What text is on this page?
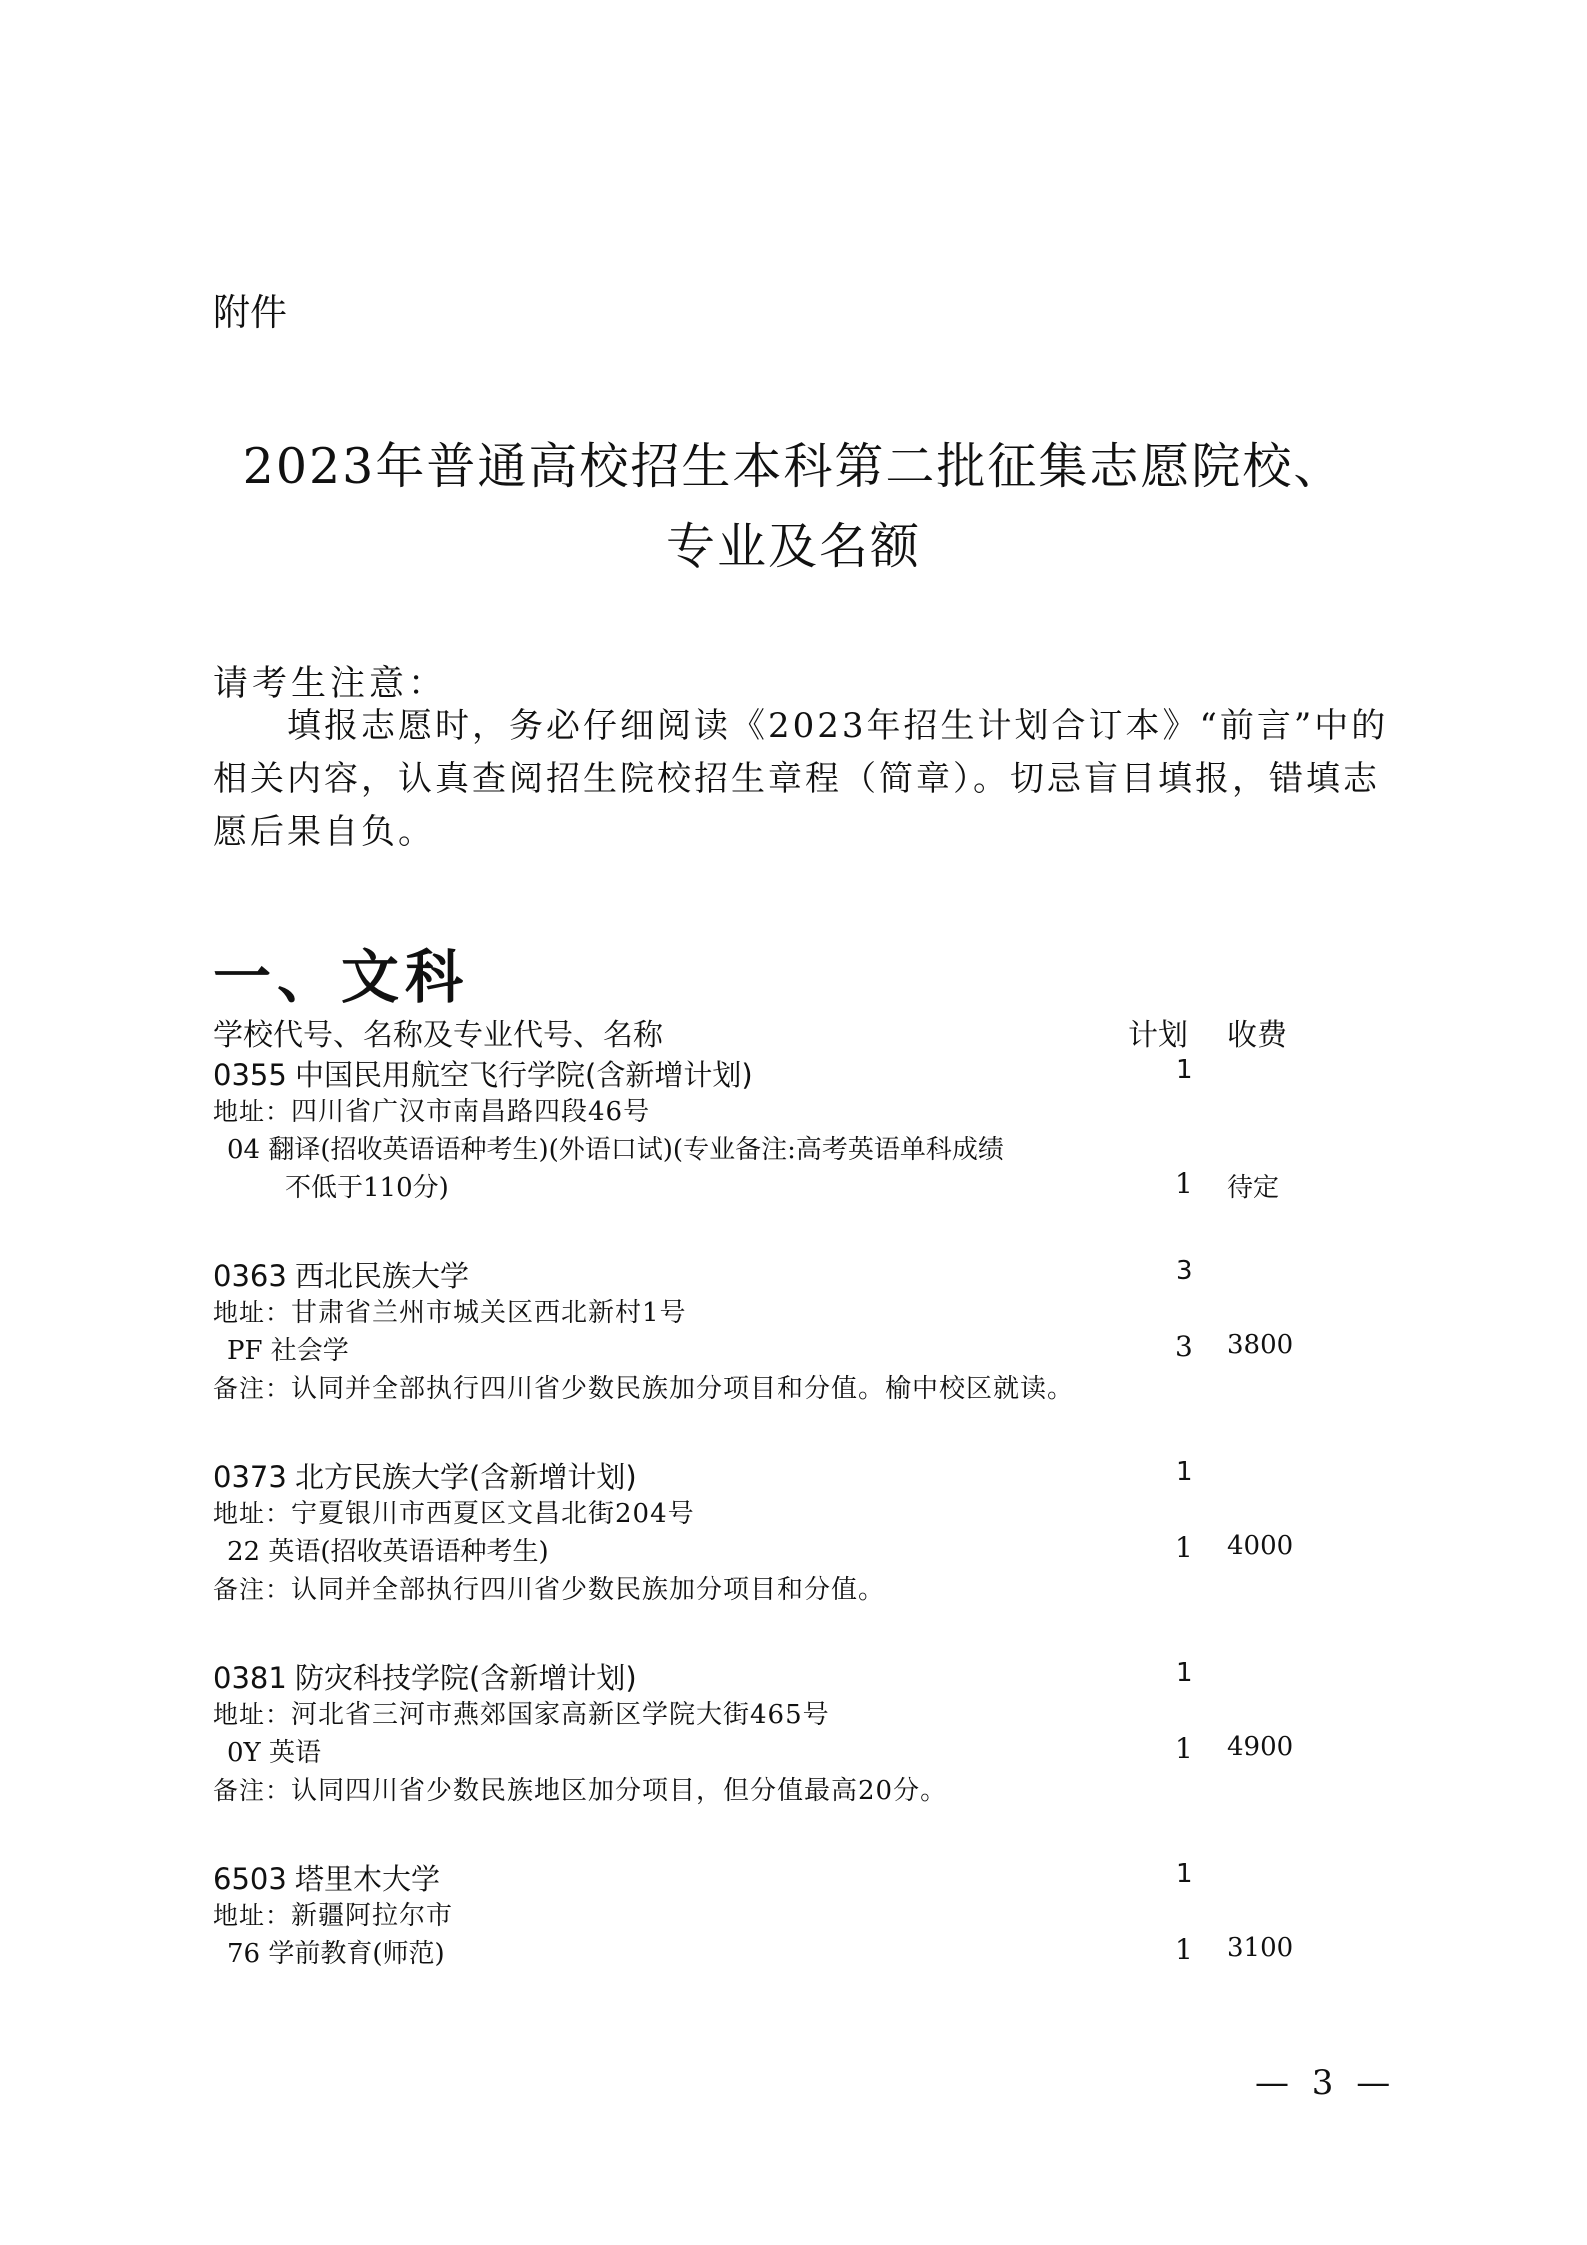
附件
2023年普通高校招生本科第二批征集志愿院校、
专业及名额
请考生注意：

填报志愿时，务必仔细阅读《2023年招生计划合订本》“前言”中的相关内容，认真查阅招生院校招生章程（简章）。切忌盲目填报，错填志愿后果自负。

一、文科
学校代号、名称及专业代号、名称	计划 收费
0355 中国民用航空飞行学院(含新增计划)	1
地址：四川省广汉市南昌路四段46号
04 翻译(招收英语语种考生)(外语口试)(专业备注:高考英语单科成绩
不低于110分)	1 待定
0363 西北民族大学	3
地址：甘肃省兰州市城关区西北新村1号
PF 社会学	3 3800
备注：认同并全部执行四川省少数民族加分项目和分值。榆中校区就读。
0373 北方民族大学(含新增计划)	1
地址：宁夏银川市西夏区文昌北街204号
22 英语(招收英语语种考生)	1 4000
备注：认同并全部执行四川省少数民族加分项目和分值。
0381 防灾科技学院(含新增计划)	1
地址：河北省三河市燕郊国家高新区学院大街465号
0Y 英语	1 4900
备注：认同四川省少数民族地区加分项目，但分值最高20分。
6503 塔里木大学	1
地址：新疆阿拉尔市
76 学前教育(师范)	1 3100
— 3 —
